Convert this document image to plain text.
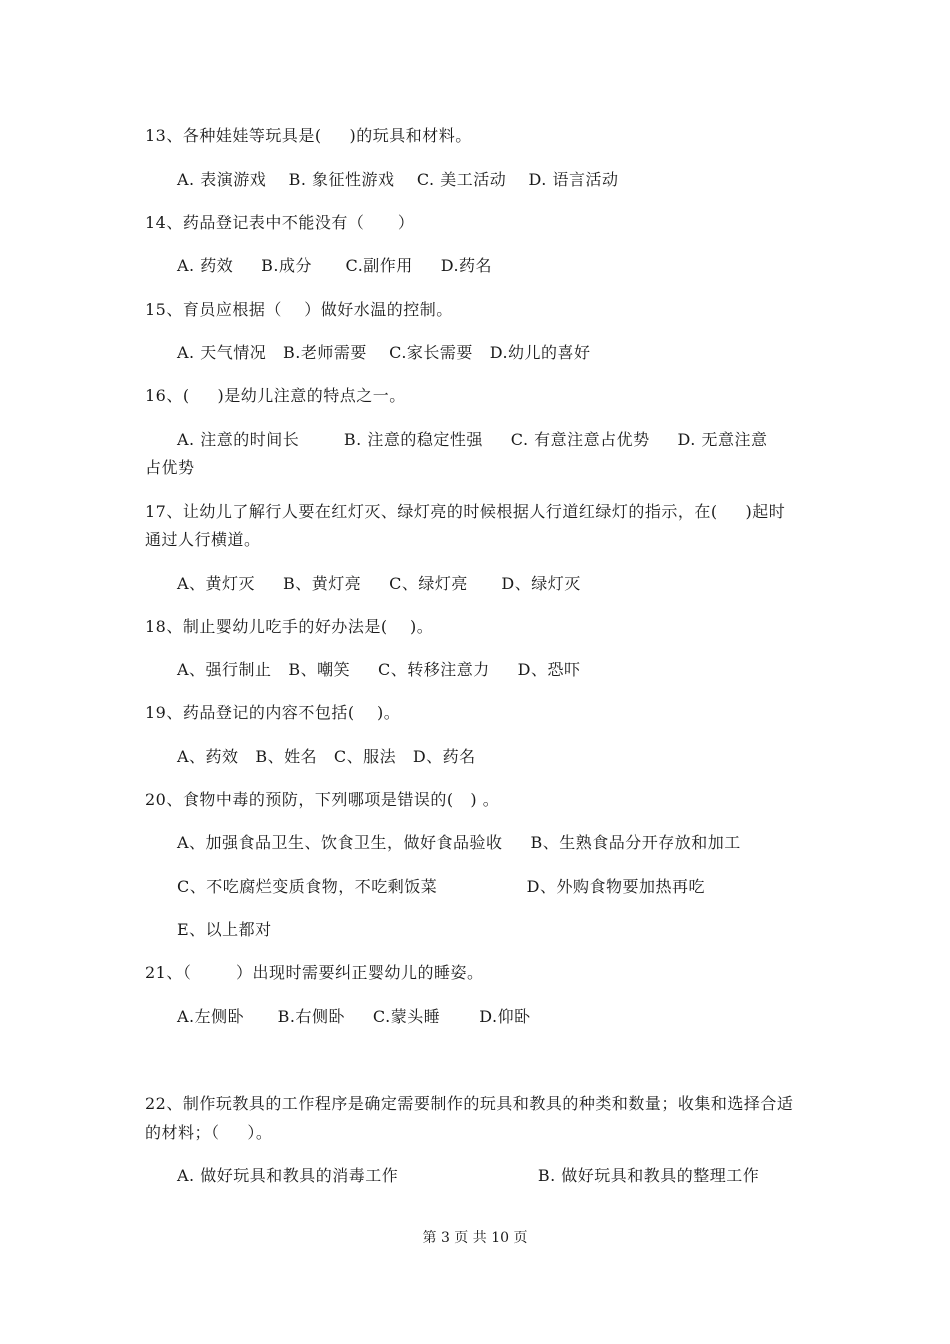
13、各种娃娃等玩具是(     )的玩具和材料。

A. 表演游戏    B. 象征性游戏    C. 美工活动    D. 语言活动

14、药品登记表中不能没有（      ）

A. 药效     B.成分      C.副作用     D.药名

15、育员应根据（    ）做好水温的控制。

A. 天气情况   B.老师需要    C.家长需要   D.幼儿的喜好

16、(     )是幼儿注意的特点之一。

A. 注意的时间长        B. 注意的稳定性强     C. 有意注意占优势     D. 无意注意

占优势

17、让幼儿了解行人要在红灯灭、绿灯亮的时候根据人行道红绿灯的指示，在(     )起时

通过人行横道。

A、黄灯灭     B、黄灯亮     C、绿灯亮      D、绿灯灭

18、制止婴幼儿吃手的好办法是(    )。

A、强行制止   B、嘲笑     C、转移注意力     D、恐吓

19、药品登记的内容不包括(    )。

A、药效   B、姓名   C、服法   D、药名

20、食物中毒的预防，下列哪项是错误的(   ) 。

A、加强食品卫生、饮食卫生，做好食品验收     B、生熟食品分开存放和加工

C、不吃腐烂变质食物，不吃剩饭菜                D、外购食物要加热再吃

E、以上都对

21、（        ）出现时需要纠正婴幼儿的睡姿。

A.左侧卧      B.右侧卧     C.蒙头睡       D.仰卧

22、制作玩教具的工作程序是确定需要制作的玩具和教具的种类和数量；收集和选择合适

的材料；（     ）。

A. 做好玩具和教具的消毒工作                         B. 做好玩具和教具的整理工作

第 3 页 共 10 页
